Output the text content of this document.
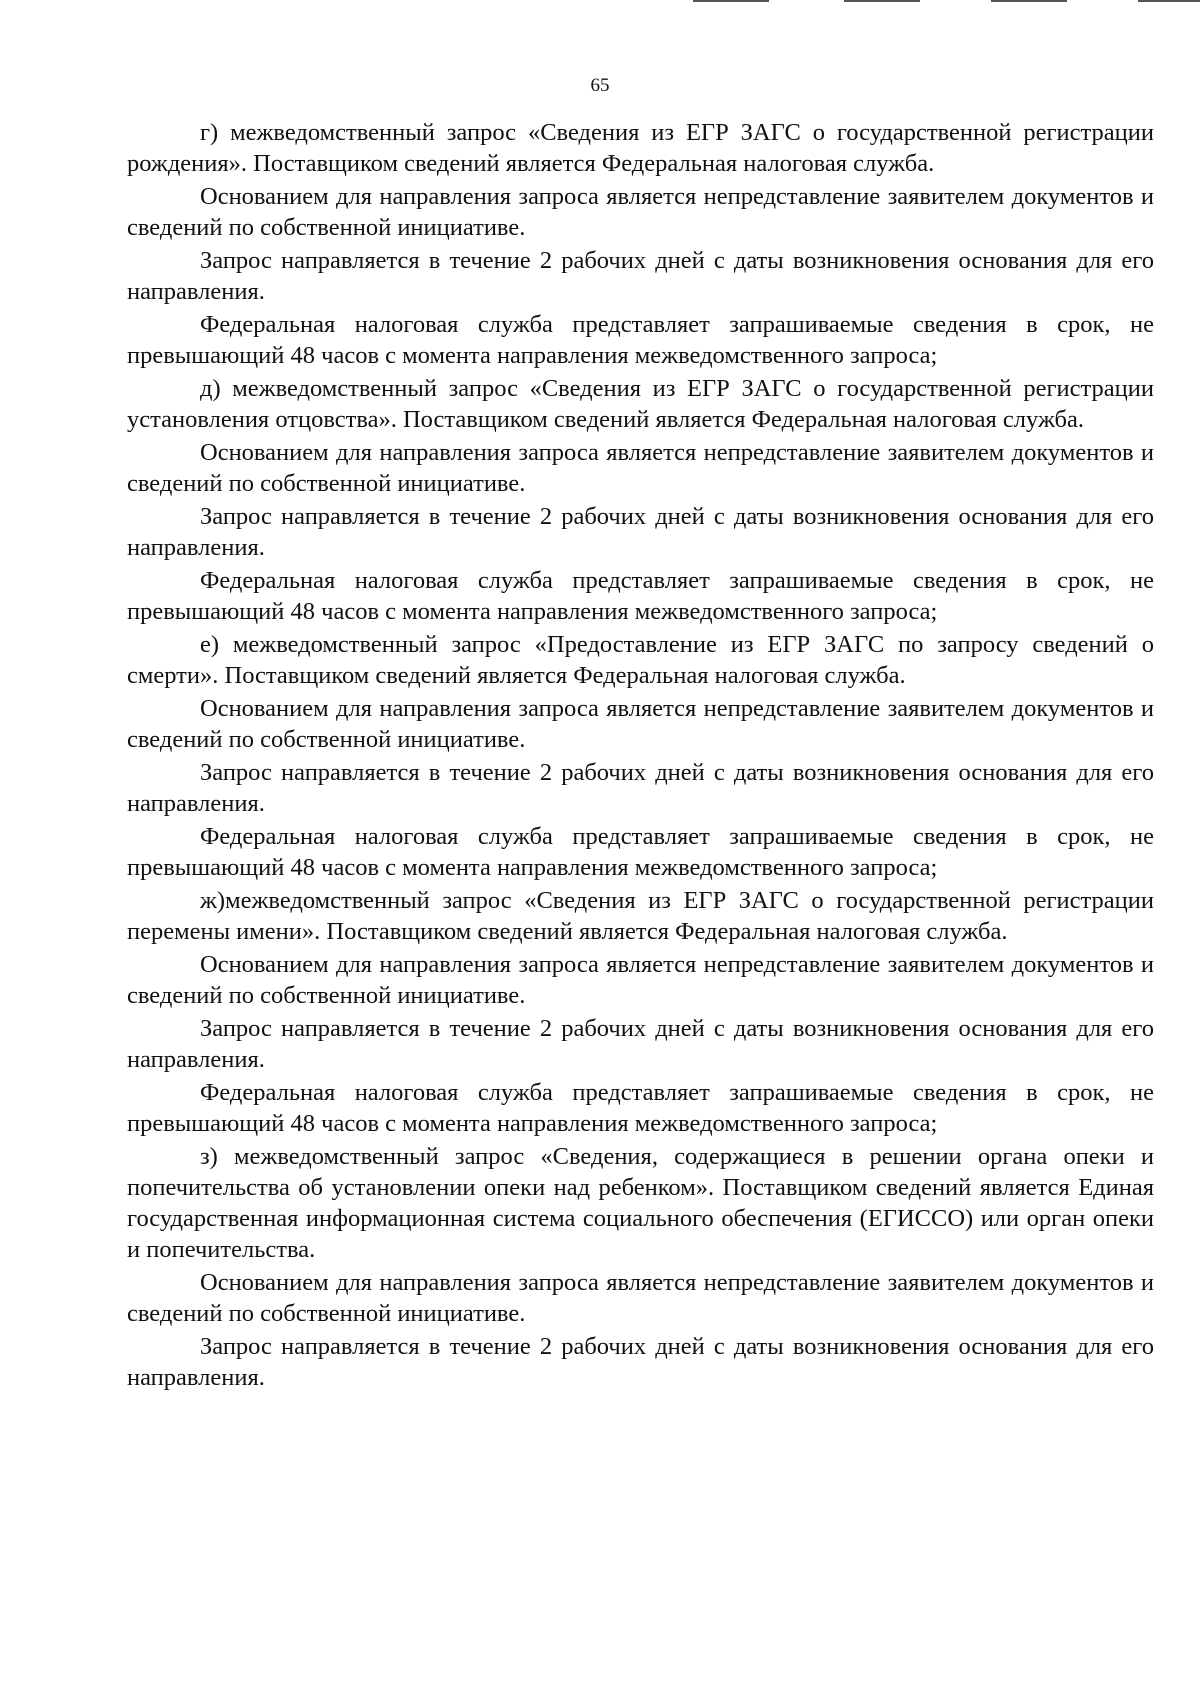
65

г) межведомственный запрос «Сведения из ЕГР ЗАГС о государственной регистрации рождения». Поставщиком сведений является Федеральная налоговая служба.

Основанием для направления запроса является непредставление заявителем документов и сведений по собственной инициативе.

Запрос направляется в течение 2 рабочих дней с даты возникновения основания для его направления.

Федеральная налоговая служба представляет запрашиваемые сведения в срок, не превышающий 48 часов с момента направления межведомственного запроса;

д) межведомственный запрос «Сведения из ЕГР ЗАГС о государственной регистрации установления отцовства». Поставщиком сведений является Федеральная налоговая служба.

Основанием для направления запроса является непредставление заявителем документов и сведений по собственной инициативе.

Запрос направляется в течение 2 рабочих дней с даты возникновения основания для его направления.

Федеральная налоговая служба представляет запрашиваемые сведения в срок, не превышающий 48 часов с момента направления межведомственного запроса;

е) межведомственный запрос «Предоставление из ЕГР ЗАГС по запросу сведений о смерти». Поставщиком сведений является Федеральная налоговая служба.

Основанием для направления запроса является непредставление заявителем документов и сведений по собственной инициативе.

Запрос направляется в течение 2 рабочих дней с даты возникновения основания для его направления.

Федеральная налоговая служба представляет запрашиваемые сведения в срок, не превышающий 48 часов с момента направления межведомственного запроса;

ж)межведомственный запрос «Сведения из ЕГР ЗАГС о государственной регистрации перемены имени». Поставщиком сведений является Федеральная налоговая служба.

Основанием для направления запроса является непредставление заявителем документов и сведений по собственной инициативе.

Запрос направляется в течение 2 рабочих дней с даты возникновения основания для его направления.

Федеральная налоговая служба представляет запрашиваемые сведения в срок, не превышающий 48 часов с момента направления межведомственного запроса;

з) межведомственный запрос «Сведения, содержащиеся в решении органа опеки и попечительства об установлении опеки над ребенком». Поставщиком сведений является Единая государственная информационная система социального обеспечения (ЕГИССО) или орган опеки и попечительства.

Основанием для направления запроса является непредставление заявителем документов и сведений по собственной инициативе.

Запрос направляется в течение 2 рабочих дней с даты возникновения основания для его направления.
